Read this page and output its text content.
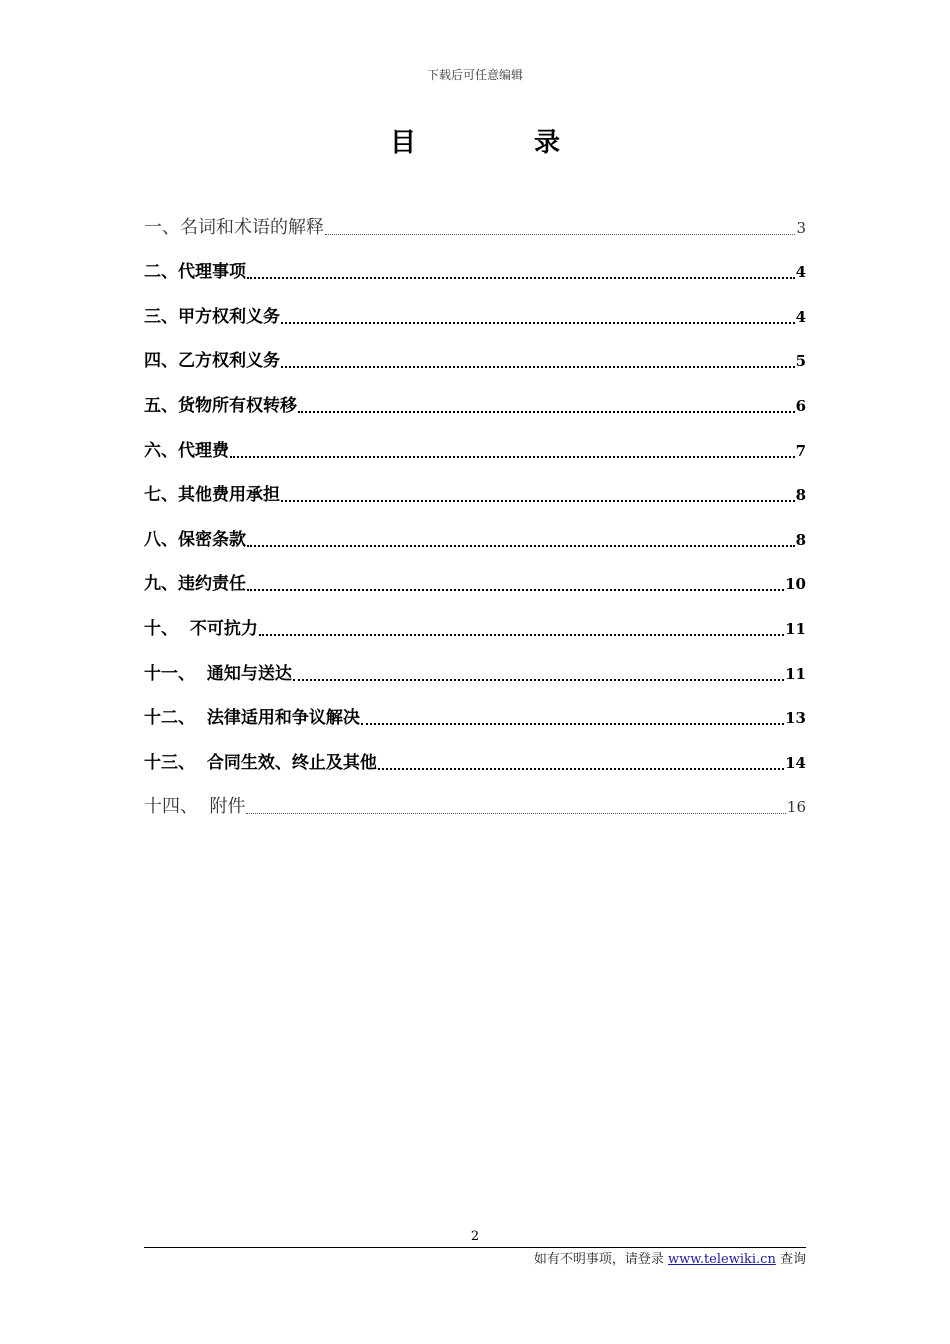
下载后可任意编辑
目　录
一、名词和术语的解释	3
二、代理事项	4
三、甲方权利义务	4
四、乙方权利义务	5
五、货物所有权转移	6
六、代理费	7
七、其他费用承担	8
八、保密条款	8
九、违约责任	10
十、  不可抗力	11
十一、  通知与送达	11
十二、  法律适用和争议解决	13
十三、  合同生效、终止及其他	14
十四、  附件	16
2
如有不明事项，请登录 www.telewiki.cn 查询
